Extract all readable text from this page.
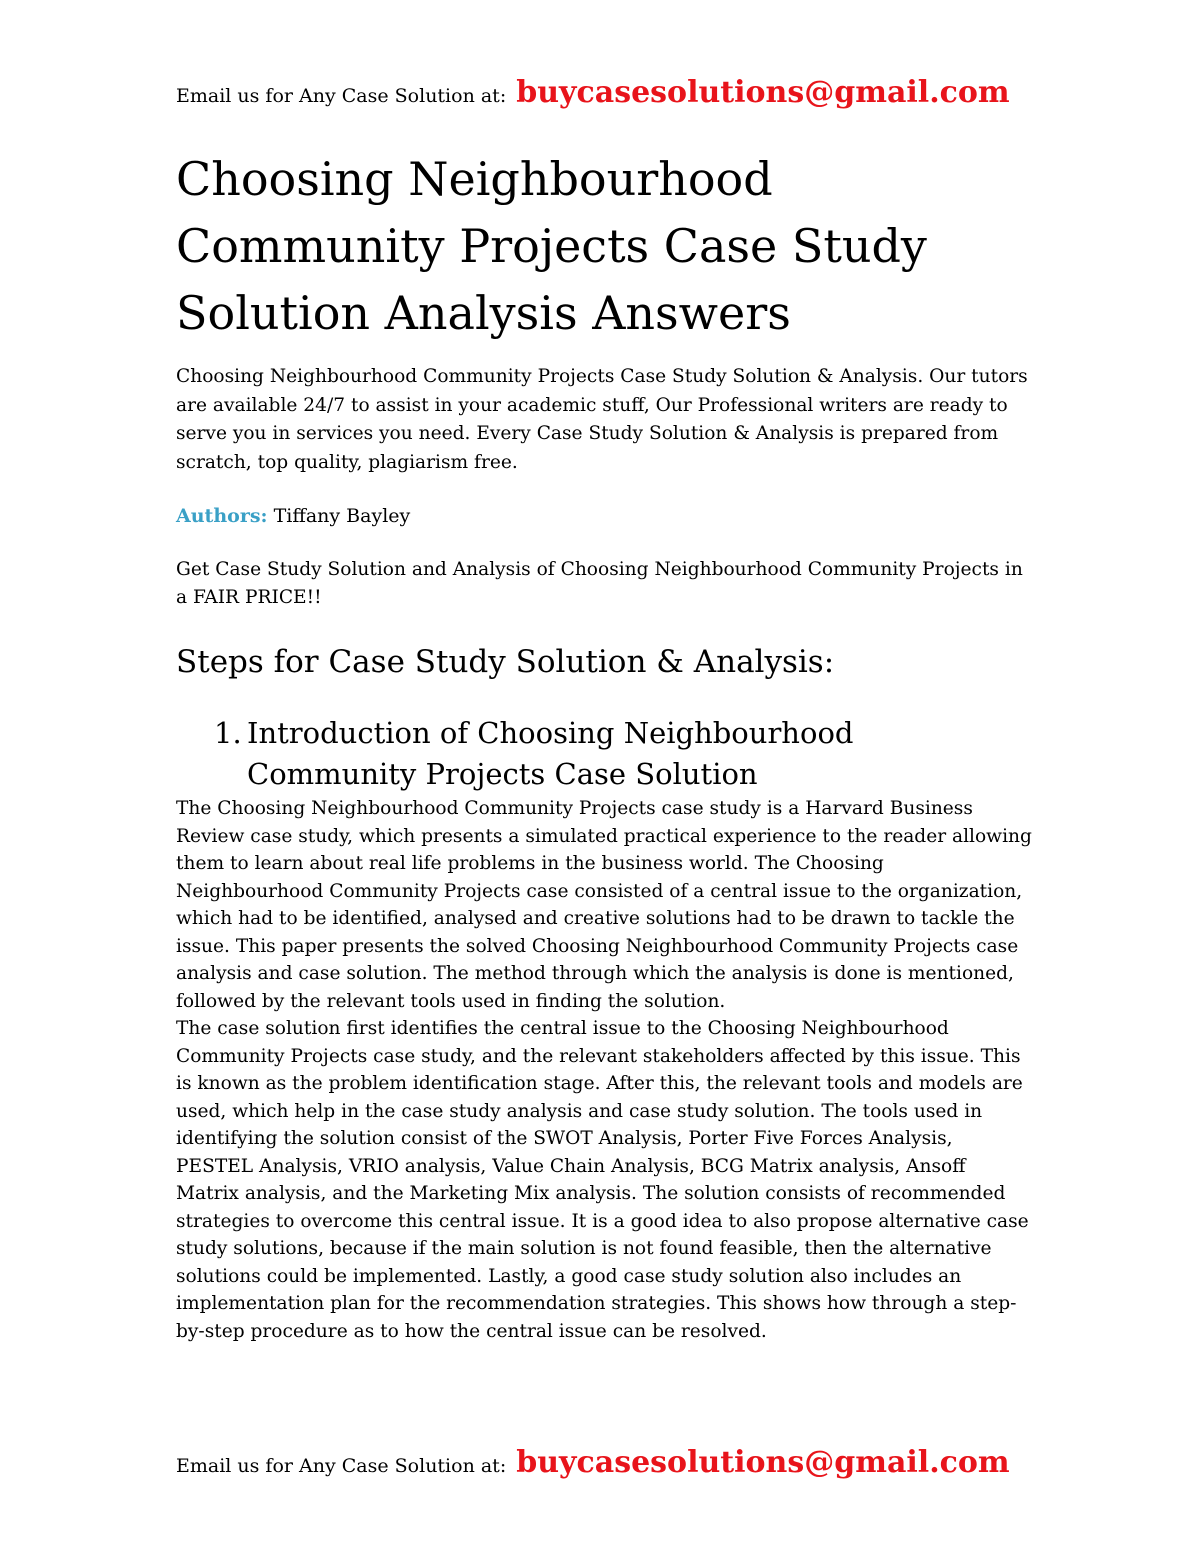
Email us for Any Case Solution at: buycasesolutions@gmail.com
Choosing Neighbourhood Community Projects Case Study Solution Analysis Answers

Choosing Neighbourhood Community Projects Case Study Solution & Analysis. Our tutors are available 24/7 to assist in your academic stuff, Our Professional writers are ready to serve you in services you need. Every Case Study Solution & Analysis is prepared from scratch, top quality, plagiarism free.

Authors: Tiffany Bayley

Get Case Study Solution and Analysis of Choosing Neighbourhood Community Projects in a FAIR PRICE!!

Steps for Case Study Solution & Analysis:
1. Introduction of Choosing Neighbourhood
Community Projects Case Solution

The Choosing Neighbourhood Community Projects case study is a Harvard Business Review case study, which presents a simulated practical experience to the reader allowing them to learn about real life problems in the business world. The Choosing Neighbourhood Community Projects case consisted of a central issue to the organization, which had to be identified, analysed and creative solutions had to be drawn to tackle the issue. This paper presents the solved Choosing Neighbourhood Community Projects case analysis and case solution. The method through which the analysis is done is mentioned, followed by the relevant tools used in finding the solution.

The case solution first identifies the central issue to the Choosing Neighbourhood Community Projects case study, and the relevant stakeholders affected by this issue. This is known as the problem identification stage. After this, the relevant tools and models are used, which help in the case study analysis and case study solution. The tools used in identifying the solution consist of the SWOT Analysis, Porter Five Forces Analysis, PESTEL Analysis, VRIO analysis, Value Chain Analysis, BCG Matrix analysis, Ansoff Matrix analysis, and the Marketing Mix analysis. The solution consists of recommended strategies to overcome this central issue. It is a good idea to also propose alternative case study solutions, because if the main solution is not found feasible, then the alternative solutions could be implemented. Lastly, a good case study solution also includes an implementation plan for the recommendation strategies. This shows how through a step-by-step procedure as to how the central issue can be resolved.

Email us for Any Case Solution at: buycasesolutions@gmail.com
